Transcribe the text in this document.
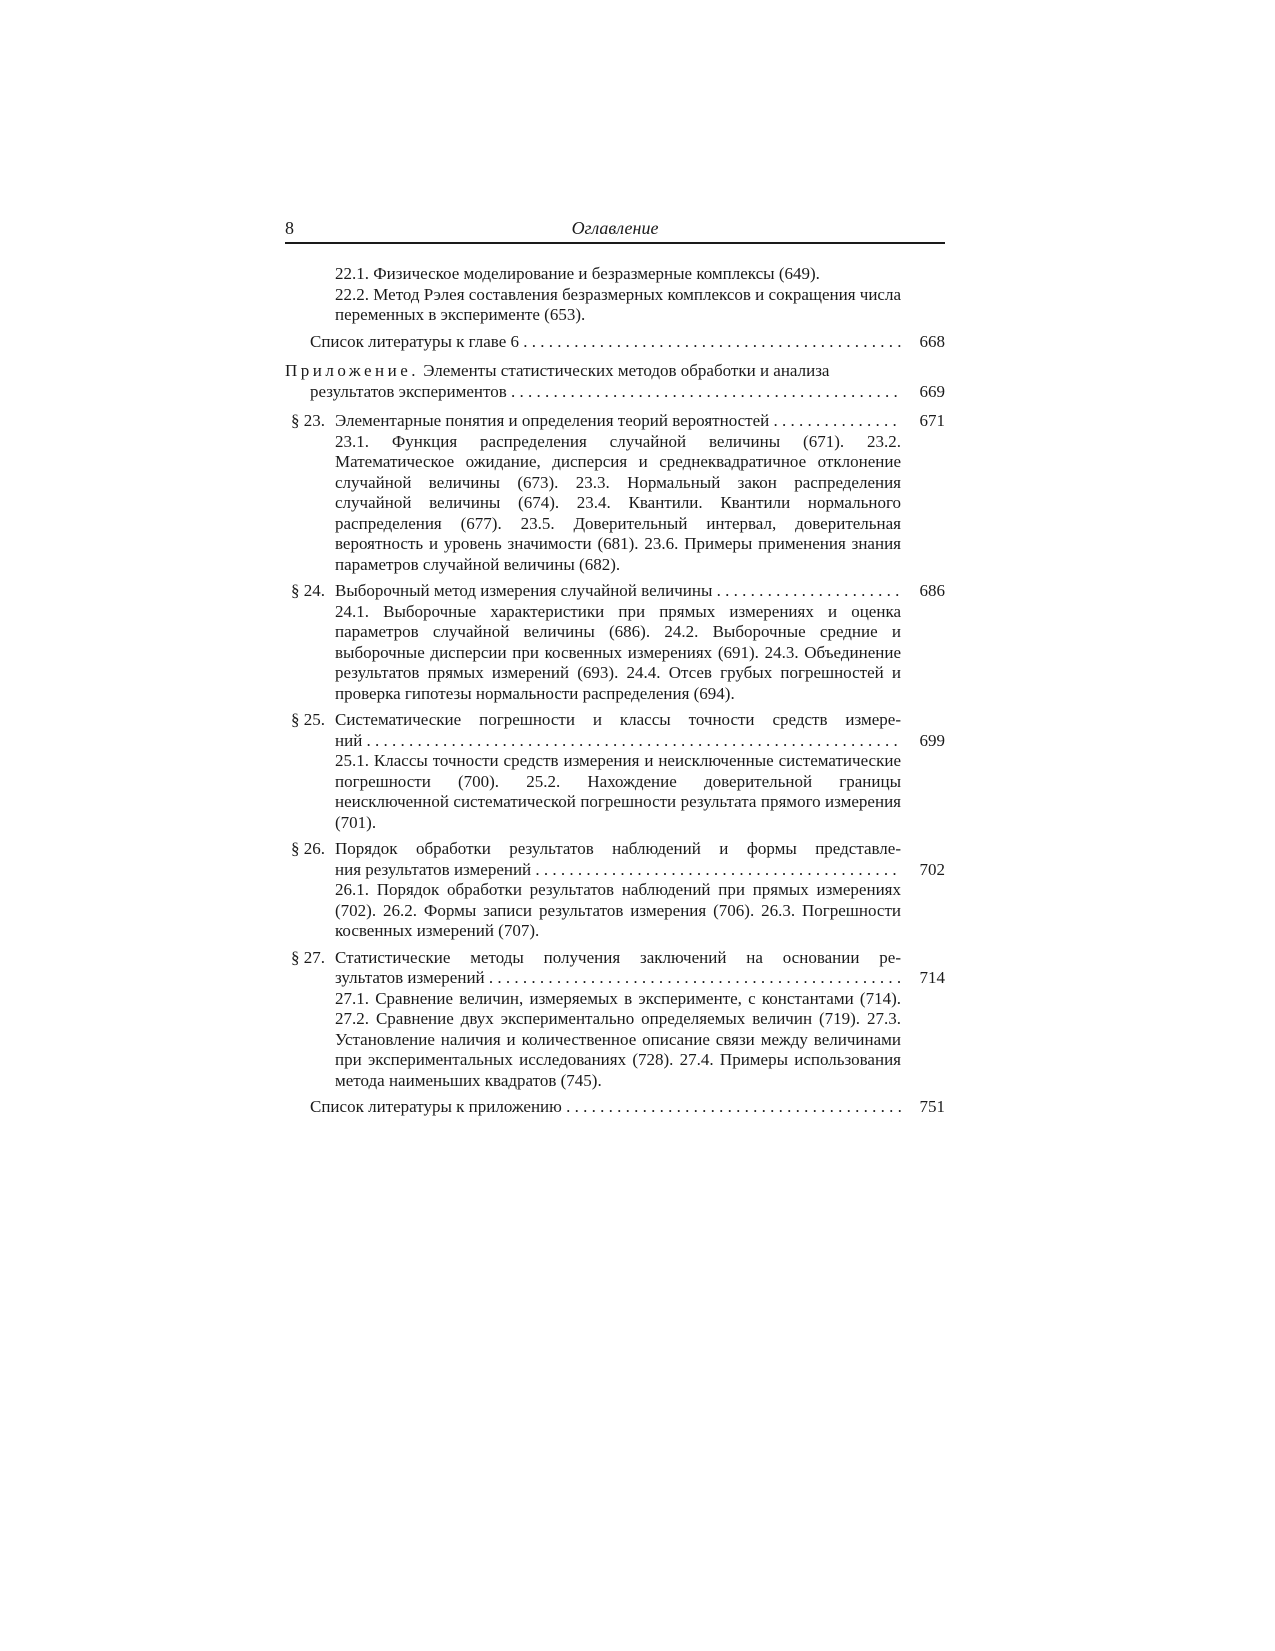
8	Оглавление
22.1. Физическое моделирование и безразмерные комплексы (649).
22.2. Метод Рэлея составления безразмерных комплексов и сокращения числа переменных в эксперименте (653).
Список литературы к главе 6 . . .	668
Приложение. Элементы статистических методов обработки и анализа
результатов экспериментов . . .	669
§ 23. Элементарные понятия и определения теорий вероятностей . . .	671
23.1. Функция распределения случайной величины (671). 23.2. Математическое ожидание, дисперсия и среднеквадратичное отклонение случайной величины (673). 23.3. Нормальный закон распределения случайной величины (674). 23.4. Квантили. Квантили нормального распределения (677). 23.5. Доверительный интервал, доверительная вероятность и уровень значимости (681). 23.6. Примеры применения знания параметров случайной величины (682).
§ 24. Выборочный метод измерения случайной величины . . .	686
24.1. Выборочные характеристики при прямых измерениях и оценка параметров случайной величины (686). 24.2. Выборочные средние и выборочные дисперсии при косвенных измерениях (691). 24.3. Объединение результатов прямых измерений (693). 24.4. Отсев грубых погрешностей и проверка гипотезы нормальности распределения (694).
§ 25. Систематические погрешности и классы точности средств измере-
ний . . .	699
25.1. Классы точности средств измерения и неисключенные систематические погрешности (700). 25.2. Нахождение доверительной границы неисключенной систематической погрешности результата прямого измерения (701).
§ 26. Порядок обработки результатов наблюдений и формы представле-
ния результатов измерений . . .	702
26.1. Порядок обработки результатов наблюдений при прямых измерениях (702). 26.2. Формы записи результатов измерения (706). 26.3. Погрешности косвенных измерений (707).
§ 27. Статистические методы получения заключений на основании ре-
зультатов измерений . . .	714
27.1. Сравнение величин, измеряемых в эксперименте, с константами (714). 27.2. Сравнение двух экспериментально определяемых величин (719). 27.3. Установление наличия и количественное описание связи между величинами при экспериментальных исследованиях (728). 27.4. Примеры использования метода наименьших квадратов (745).
Список литературы к приложению . . .	751
